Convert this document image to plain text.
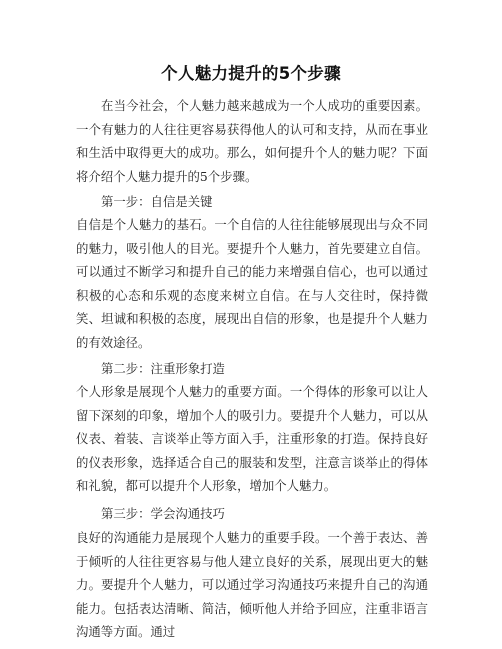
个人魅力提升的5个步骤
在当今社会，个人魅力越来越成为一个人成功的重要因素。一个有魅力的人往往更容易获得他人的认可和支持，从而在事业和生活中取得更大的成功。那么，如何提升个人的魅力呢？下面将介绍个人魅力提升的5个步骤。
第一步：自信是关键
自信是个人魅力的基石。一个自信的人往往能够展现出与众不同的魅力，吸引他人的目光。要提升个人魅力，首先要建立自信。可以通过不断学习和提升自己的能力来增强自信心，也可以通过积极的心态和乐观的态度来树立自信。在与人交往时，保持微笑、坦诚和积极的态度，展现出自信的形象，也是提升个人魅力的有效途径。
第二步：注重形象打造
个人形象是展现个人魅力的重要方面。一个得体的形象可以让人留下深刻的印象，增加个人的吸引力。要提升个人魅力，可以从仪表、着装、言谈举止等方面入手，注重形象的打造。保持良好的仪表形象，选择适合自己的服装和发型，注意言谈举止的得体和礼貌，都可以提升个人形象，增加个人魅力。
第三步：学会沟通技巧
良好的沟通能力是展现个人魅力的重要手段。一个善于表达、善于倾听的人往往更容易与他人建立良好的关系，展现出更大的魅力。要提升个人魅力，可以通过学习沟通技巧来提升自己的沟通能力。包括表达清晰、简洁，倾听他人并给予回应，注重非语言沟通等方面。通过
